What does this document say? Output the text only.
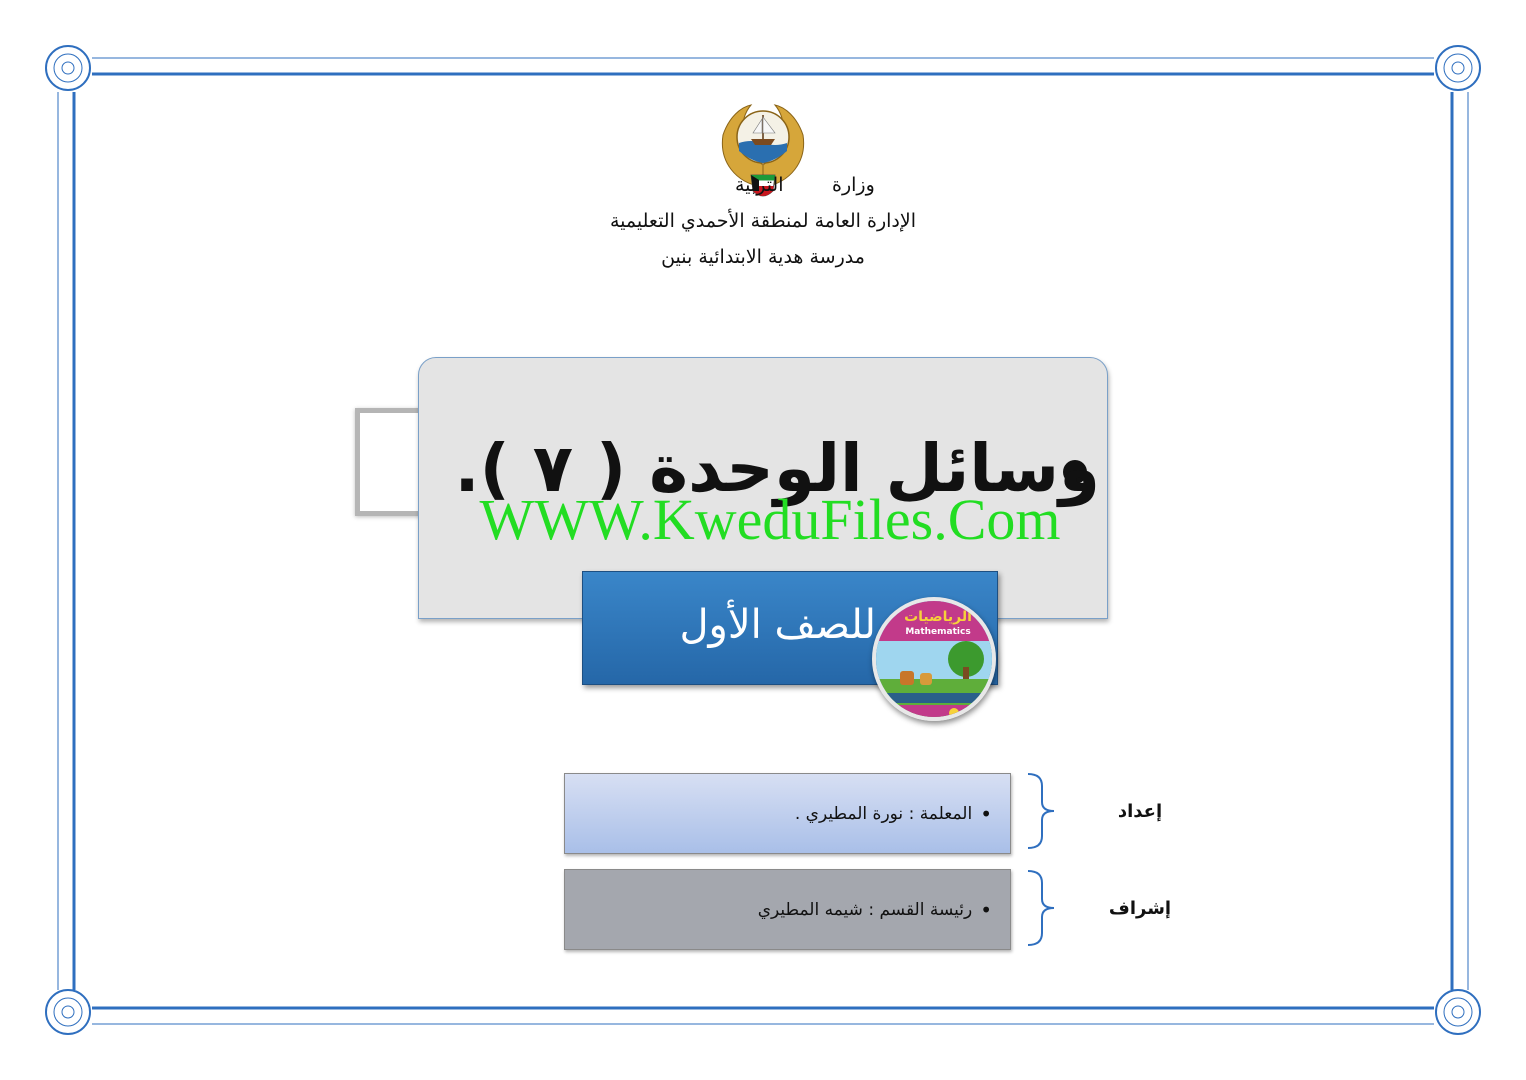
وزارة
التربية
الإدارة العامة لمنطقة الأحمدي التعليمية
مدرسة هدية الابتدائية بنين
وسائل الوحدة ( ٧ ).
WWW.KweduFiles.Com
للصف الأول الرياضيات
Mathematics
•
المعلمة : نورة المطيري .	إعداد
•
رئيسة القسم : شيمه المطيري	إشراف
